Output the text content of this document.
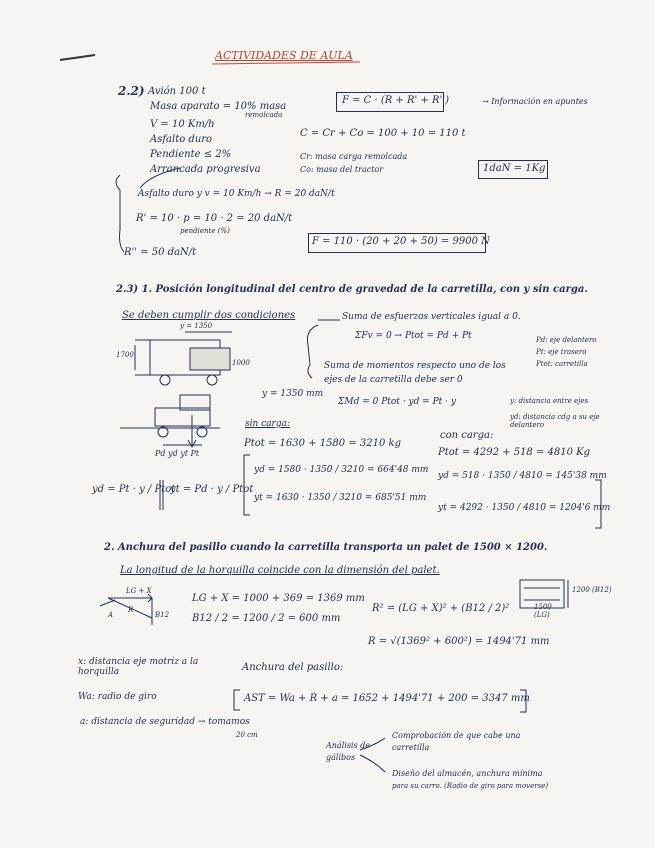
ACTIVIDADES DE AULA
2.2) Avión 100 t
Masa aparato = 10% masa
remolcada
V = 10 Km/h
Asfalto duro
Pendiente ≤ 2%
Arrancada progresiva
F = C · (R + R' + R'')	→ Información en apuntes
C = Cr + Co = 100 + 10 = 110 t
Cr: masa carga remolcada
Co: masa del tractor	1daN = 1Kg
Asfalto duro y v = 10 Km/h → R = 20 daN/t
R' = 10 · p = 10 · 2 = 20 daN/t
pendiente (%)
R'' = 50 daN/t
F = 110 · (20 + 20 + 50) = 9900 N
2.3) 1. Posición longitudinal del centro de gravedad de la carretilla, con y sin carga.
Se deben cumplir dos condiciones	Suma de esfuerzos verticales igual a 0.
ΣFv = 0 → Ptot = Pd + Pt	Pd: eje delantero
Pt: eje trasero
Ptot: carretilla
Suma de momentos respecto uno de los
ejes de la carretilla debe ser 0
ΣMd = 0 Ptot · yd = Pt · y	y: distancia entre ejes
yd: distancia cdg a su eje delantero
y = 1350
1700
1000
y = 1350 mm
Pd yd yt Pt
sin carga:
Ptot = 1630 + 1580 = 3210 kg
con carga:
Ptot = 4292 + 518 = 4810 Kg
yd = Pt · y / Ptot
yt = Pd · y / Ptot
yd = 1580 · 1350 / 3210 = 664'48 mm
yt = 1630 · 1350 / 3210 = 685'51 mm
yd = 518 · 1350 / 4810 = 145'38 mm
yt = 4292 · 1350 / 4810 = 1204'6 mm
2. Anchura del pasillo cuando la carretilla transporta un palet de 1500 × 1200.
La longitud de la horquilla coincide con la dimensión del palet.
LG + X = 1000 + 369 = 1369 mm
B12 / 2 = 1200 / 2 = 600 mm
R² = (LG + X)² + (B12 / 2)²
R = √(1369² + 600²) = 1494'71 mm
LG + X
B12
R
A
1200 (B12)
1500
(LG)
x: distancia eje motriz a la horquilla	Anchura del pasillo:
Wa: radio de giro	AST = Wa + R + a = 1652 + 1494'71 + 200 = 3347 mm
a: distancia de seguridad → tomamos
20 cm
Análisis de
gálibos
Comprobación de que cabe una
carretilla
Diseño del almacén, anchura mínima
para su carro. (Radio de giro para moverse)
